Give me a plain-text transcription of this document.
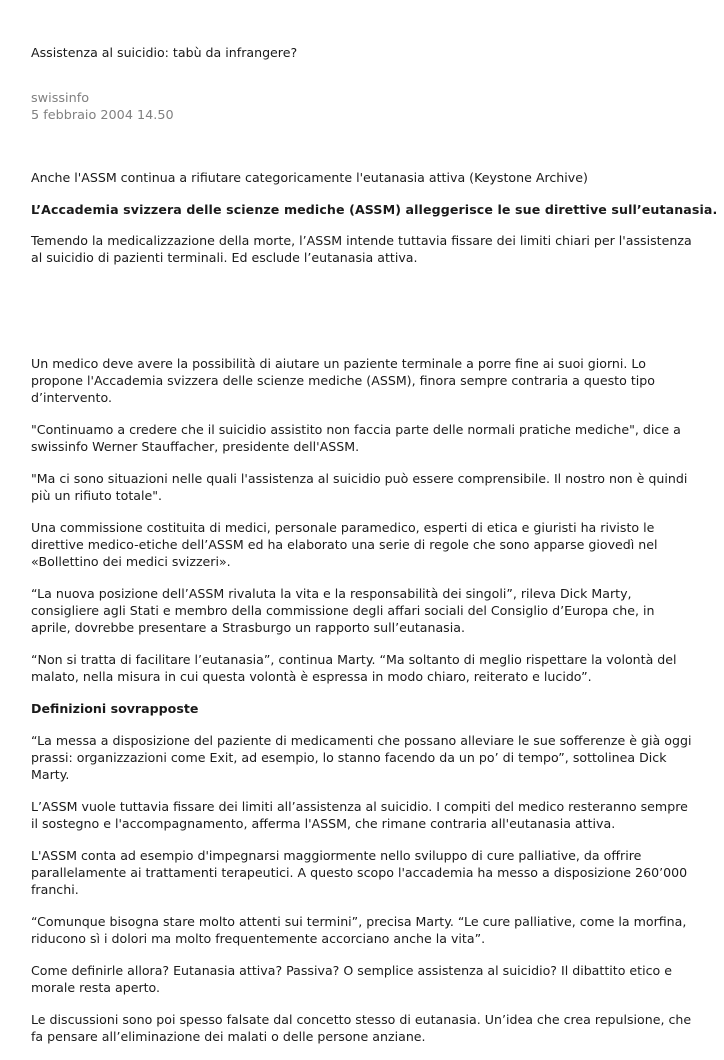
Assistenza al suicidio: tabù da infrangere?
swissinfo
5 febbraio 2004 14.50
Anche l'ASSM continua a rifiutare categoricamente l'eutanasia attiva (Keystone Archive)
L’Accademia svizzera delle scienze mediche (ASSM) alleggerisce le sue direttive sull’eutanasia.

Temendo la medicalizzazione della morte, l’ASSM intende tuttavia fissare dei limiti chiari per l'assistenza al suicidio di pazienti terminali. Ed esclude l’eutanasia attiva.

Un medico deve avere la possibilità di aiutare un paziente terminale a porre fine ai suoi giorni. Lo propone l'Accademia svizzera delle scienze mediche (ASSM), finora sempre contraria a questo tipo d’intervento.

"Continuamo a credere che il suicidio assistito non faccia parte delle normali pratiche mediche", dice a swissinfo Werner Stauffacher, presidente dell'ASSM.

"Ma ci sono situazioni nelle quali l'assistenza al suicidio può essere comprensibile. Il nostro non è quindi più un rifiuto totale".

Una commissione costituita di medici, personale paramedico, esperti di etica e giuristi ha rivisto le direttive medico-etiche dell’ASSM ed ha elaborato una serie di regole che sono apparse giovedì nel «Bollettino dei medici svizzeri».

“La nuova posizione dell’ASSM rivaluta la vita e la responsabilità dei singoli”, rileva Dick Marty, consigliere agli Stati e membro della commissione degli affari sociali del Consiglio d’Europa che, in aprile, dovrebbe presentare a Strasburgo un rapporto sull’eutanasia.

“Non si tratta di facilitare l’eutanasia”, continua Marty. “Ma soltanto di meglio rispettare la volontà del malato, nella misura in cui questa volontà è espressa in modo chiaro, reiterato e lucido”.

Definizioni sovrapposte

“La messa a disposizione del paziente di medicamenti che possano alleviare le sue sofferenze è già oggi prassi: organizzazioni come Exit, ad esempio, lo stanno facendo da un po’ di tempo”, sottolinea Dick Marty.

L’ASSM vuole tuttavia fissare dei limiti all’assistenza al suicidio. I compiti del medico resteranno sempre il sostegno e l'accompagnamento, afferma l'ASSM, che rimane contraria all'eutanasia attiva.

L'ASSM conta ad esempio d'impegnarsi maggiormente nello sviluppo di cure palliative, da offrire parallelamente ai trattamenti terapeutici. A questo scopo l'accademia ha messo a disposizione 260’000 franchi.

“Comunque bisogna stare molto attenti sui termini”, precisa Marty. “Le cure palliative, come la morfina, riducono sì i dolori ma molto frequentemente accorciano anche la vita”.

Come definirle allora? Eutanasia attiva? Passiva? O semplice assistenza al suicidio? Il dibattito etico e morale resta aperto.

Le discussioni sono poi spesso falsate dal concetto stesso di eutanasia. Un’idea che crea repulsione, che fa pensare all’eliminazione dei malati o delle persone anziane.
